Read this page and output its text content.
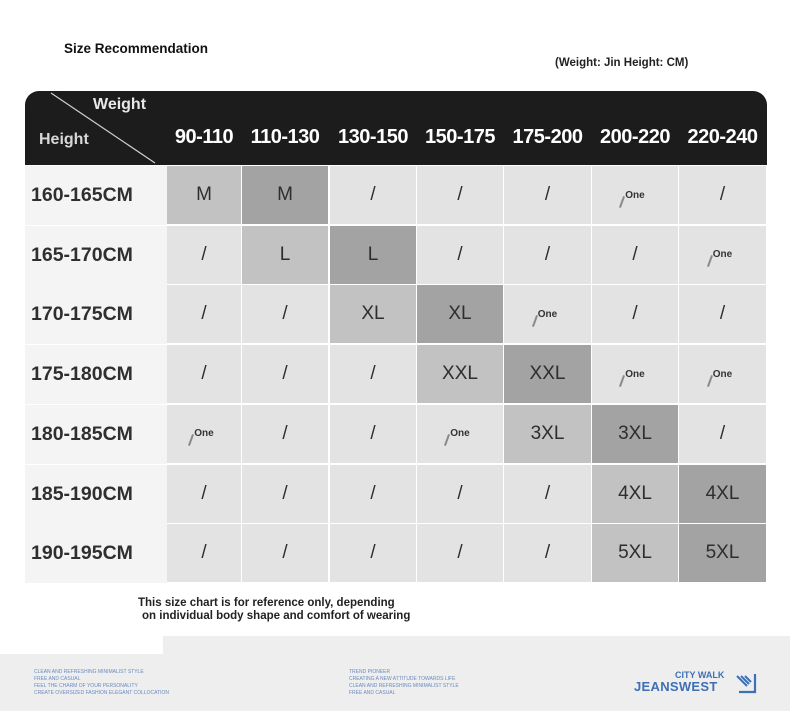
Size Recommendation
(Weight: Jin Height: CM)
Weight
Height	90-110 110-130 130-150 150-175 175-200 200-220 220-240
160-165CM	M	M	/	/	/	One	/
165-170CM	/	L	L	/	/	/	One
170-175CM	/	/	XL	XL	One	/	/
175-180CM	/	/	/	XXL	XXL	One	One
180-185CM	One	/	/	One	3XL	3XL	/
185-190CM	/	/	/	/	/	4XL	4XL
190-195CM	/	/	/	/	/	5XL	5XL
This size chart is for reference only, depending
on individual body shape and comfort of wearing
CLEAN AND REFRESHING MINIMALIST STYLE
FREE AND CASUAL
FEEL THE CHARM OF YOUR PERSONALITY
CREATE OVERSIZED FASHION ELEGANT COLLOCATION
TREND PIONEER
CREATING A NEW ATTITUDE TOWARDS LIFE
CLEAN AND REFRESHING MINIMALIST STYLE
FREE AND CASUAL
CITY WALK
JEANSWEST
